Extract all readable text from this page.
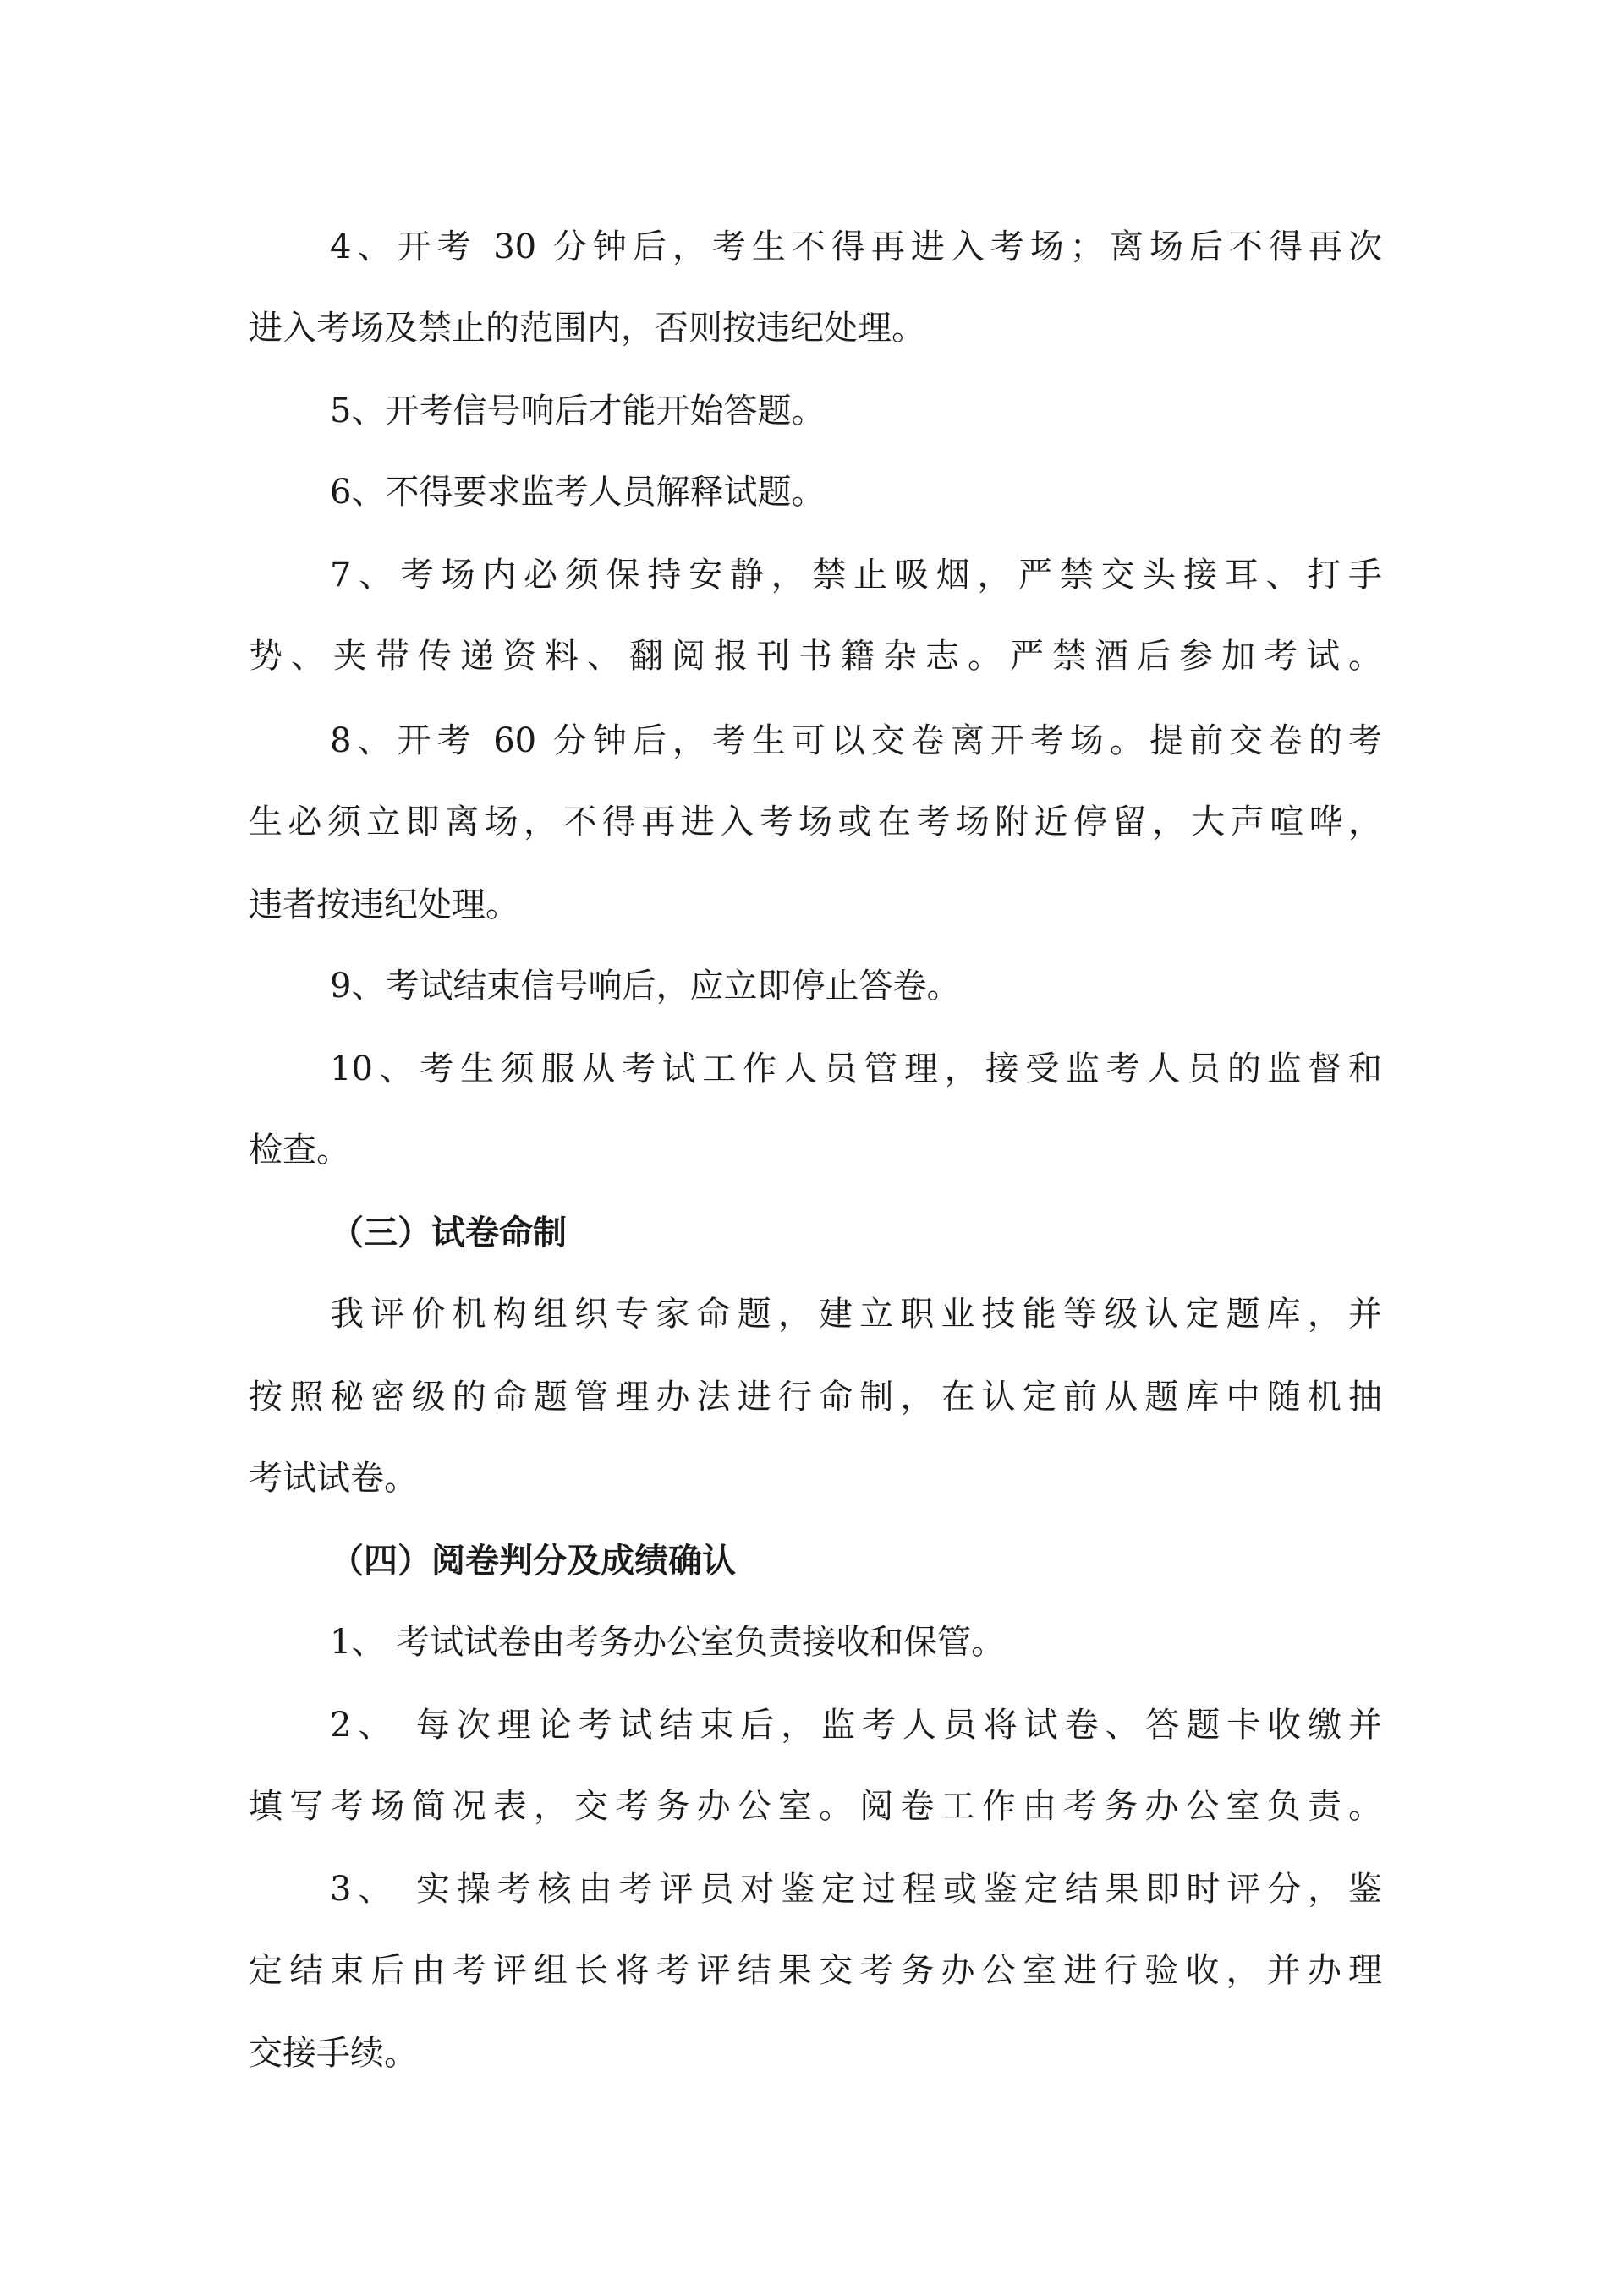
4、开考 30 分钟后，考生不得再进入考场；离场后不得再次
进入考场及禁止的范围内，否则按违纪处理。
5、开考信号响后才能开始答题。
6、不得要求监考人员解释试题。
7、考场内必须保持安静，禁止吸烟，严禁交头接耳、打手
势、夹带传递资料、翻阅报刊书籍杂志。严禁酒后参加考试。
8、开考 60 分钟后，考生可以交卷离开考场。提前交卷的考
生必须立即离场，不得再进入考场或在考场附近停留，大声喧哗，
违者按违纪处理。
9、考试结束信号响后，应立即停止答卷。
10、考生须服从考试工作人员管理，接受监考人员的监督和
检查。
（三）试卷命制
我评价机构组织专家命题，建立职业技能等级认定题库，并
按照秘密级的命题管理办法进行命制，在认定前从题库中随机抽
考试试卷。
（四）阅卷判分及成绩确认
1、 考试试卷由考务办公室负责接收和保管。
2、 每次理论考试结束后，监考人员将试卷、答题卡收缴并
填写考场简况表，交考务办公室。阅卷工作由考务办公室负责。
3、 实操考核由考评员对鉴定过程或鉴定结果即时评分，鉴
定结束后由考评组长将考评结果交考务办公室进行验收，并办理
交接手续。
